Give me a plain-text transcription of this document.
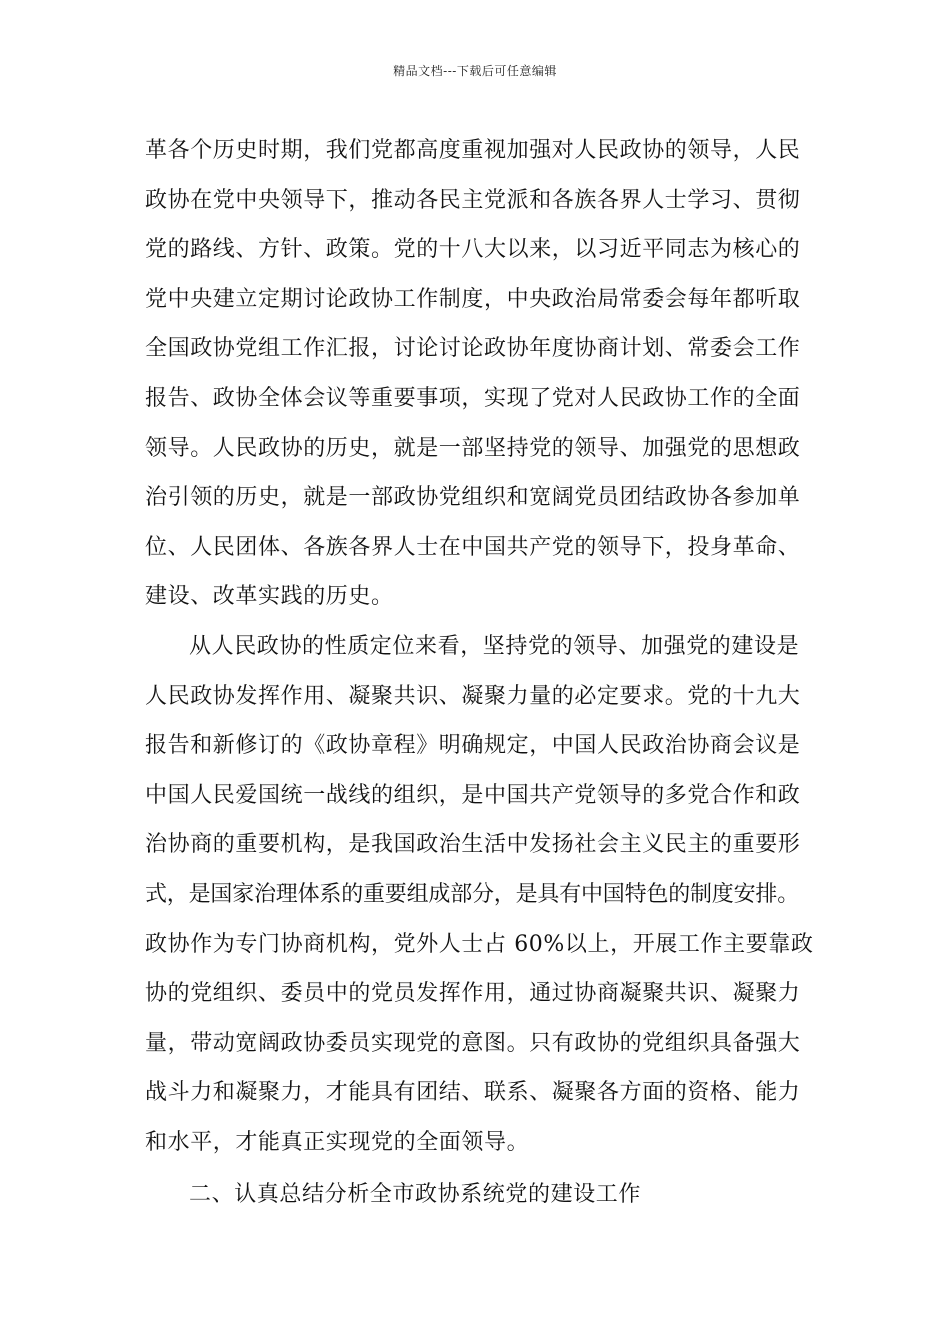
精品文档---下载后可任意编辑
革各个历史时期，我们党都高度重视加强对人民政协的领导，人民
政协在党中央领导下，推动各民主党派和各族各界人士学习、贯彻
党的路线、方针、政策。党的十八大以来，以习近平同志为核心的
党中央建立定期讨论政协工作制度，中央政治局常委会每年都听取
全国政协党组工作汇报，讨论讨论政协年度协商计划、常委会工作
报告、政协全体会议等重要事项，实现了党对人民政协工作的全面
领导。人民政协的历史，就是一部坚持党的领导、加强党的思想政
治引领的历史，就是一部政协党组织和宽阔党员团结政协各参加单
位、人民团体、各族各界人士在中国共产党的领导下，投身革命、
建设、改革实践的历史。
从人民政协的性质定位来看，坚持党的领导、加强党的建设是
人民政协发挥作用、凝聚共识、凝聚力量的必定要求。党的十九大
报告和新修订的《政协章程》明确规定，中国人民政治协商会议是
中国人民爱国统一战线的组织，是中国共产党领导的多党合作和政
治协商的重要机构，是我国政治生活中发扬社会主义民主的重要形
式，是国家治理体系的重要组成部分，是具有中国特色的制度安排。
政协作为专门协商机构，党外人士占 60%以上，开展工作主要靠政
协的党组织、委员中的党员发挥作用，通过协商凝聚共识、凝聚力
量，带动宽阔政协委员实现党的意图。只有政协的党组织具备强大
战斗力和凝聚力，才能具有团结、联系、凝聚各方面的资格、能力
和水平，才能真正实现党的全面领导。
二、认真总结分析全市政协系统党的建设工作
